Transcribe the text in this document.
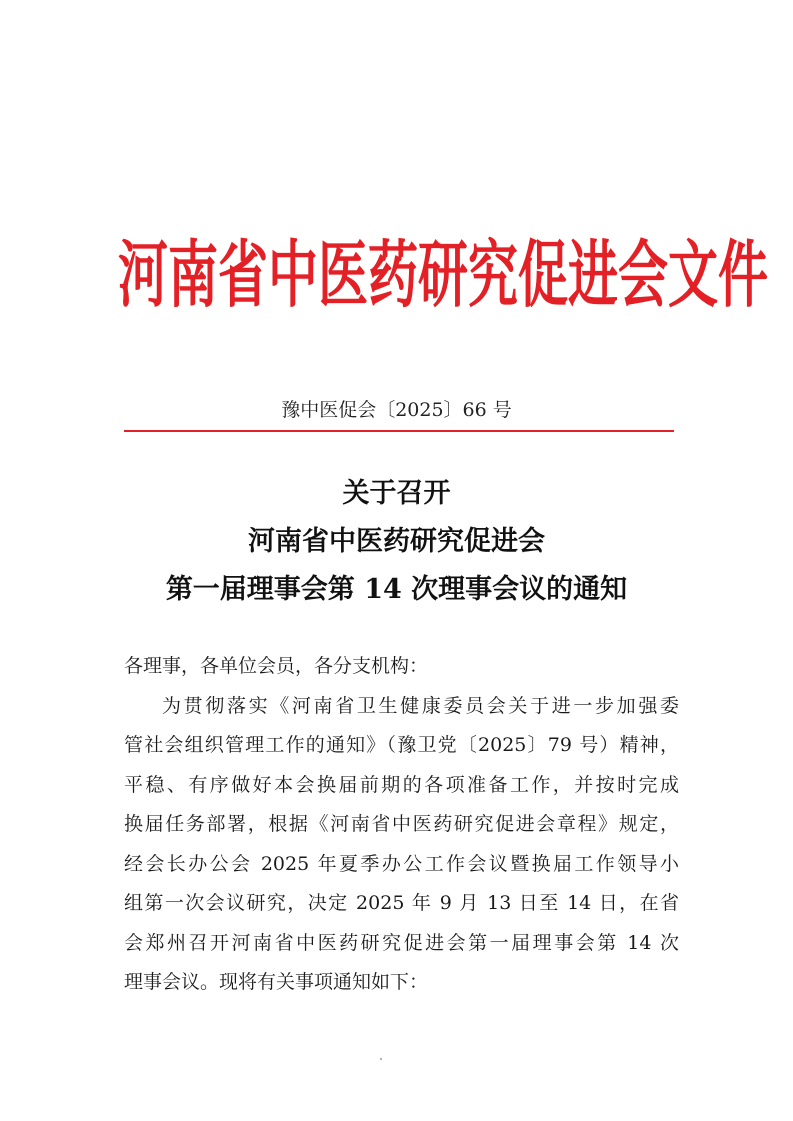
河南省中医药研究促进会文件
豫中医促会〔2025〕66 号
关于召开
河南省中医药研究促进会
第一届理事会第 14 次理事会议的通知
各理事，各单位会员，各分支机构：
为贯彻落实《河南省卫生健康委员会关于进一步加强委
管社会组织管理工作的通知》（豫卫党〔2025〕79 号）精神，
平稳、有序做好本会换届前期的各项准备工作，并按时完成
换届任务部署，根据《河南省中医药研究促进会章程》规定，
经会长办公会 2025 年夏季办公工作会议暨换届工作领导小
组第一次会议研究，决定 2025 年 9 月 13 日至 14 日，在省
会郑州召开河南省中医药研究促进会第一届理事会第 14 次
理事会议。现将有关事项通知如下：
